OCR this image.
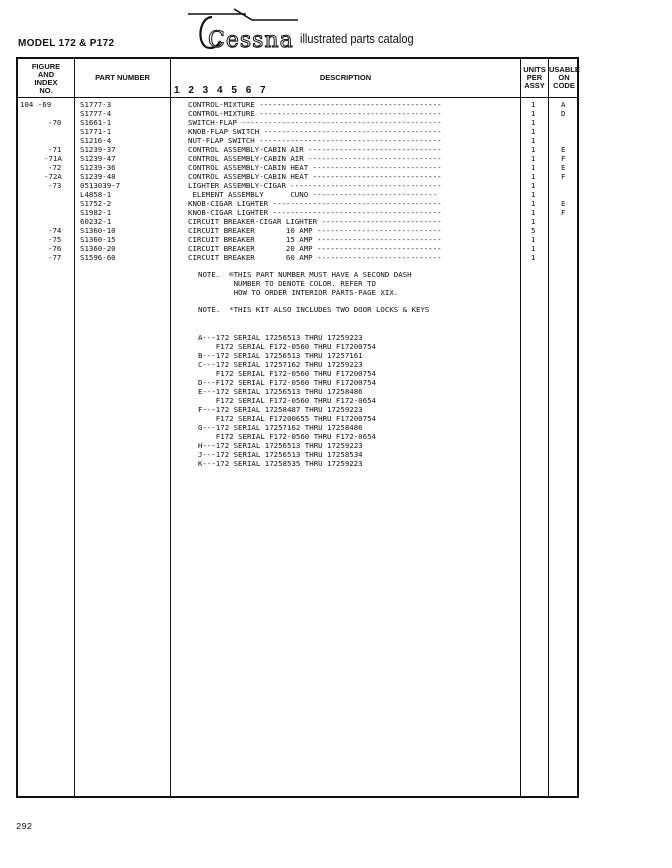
MODEL 172 & P172	Cessna illustrated parts catalog
FIGURE
AND
INDEX
NO.
PART NUMBER	DESCRIPTION
UNITS
PER
ASSY
USABLE
ON
CODE

104 -69	S1777-3	CONTROL-MIXTURE -----------------------------------------	1	A

S1777-4	CONTROL-MIXTURE -----------------------------------------	1	D

-70	S1661-1	SWITCH-FLAP ---------------------------------------------	1

S1771-1	KNOB-FLAP SWITCH ----------------------------------------	1

S1216-4	NUT-FLAP SWITCH -----------------------------------------	1

-71	S1239-37	CONTROL ASSEMBLY-CABIN AIR ------------------------------	1	E

-71A S1239-47	CONTROL ASSEMBLY-CABIN AIR ------------------------------	1	F

-72	S1239-36	CONTROL ASSEMBLY-CABIN HEAT -----------------------------	1	E

-72A S1239-48	CONTROL ASSEMBLY-CABIN HEAT -----------------------------	1	F

-73	0513039-7	LIGHTER ASSEMBLY-CIGAR ----------------------------------	1

L4858-1	ELEMENT ASSEMBLY      CUNO ----------------------------	1

S1752-2	KNOB-CIGAR LIGHTER --------------------------------------	1	E

S1982-1	KNOB-CIGAR LIGHTER --------------------------------------	1	F

60232-1	CIRCUIT BREAKER-CIGAR LIGHTER ---------------------------	1

-74	S1360-10	CIRCUIT BREAKER       10 AMP ----------------------------	5

-75	S1360-15	CIRCUIT BREAKER       15 AMP ----------------------------	1

-76	S1360-20	CIRCUIT BREAKER       20 AMP ----------------------------	1

-77	S1596-60	CIRCUIT BREAKER       60 AMP ----------------------------	1

NOTE.  ®THIS PART NUMBER MUST HAVE A SECOND DASH
NUMBER TO DENOTE COLOR. REFER TO
HOW TO ORDER INTERIOR PARTS-PAGE XIX.

NOTE.  *THIS KIT ALSO INCLUDES TWO DOOR LOCKS & KEYS

A---172 SERIAL 17256513 THRU 17259223
F172 SERIAL F172-0560 THRU F17200754
B---172 SERIAL 17256513 THRU 17257161
C---172 SERIAL 17257162 THRU 17259223
F172 SERIAL F172-0560 THRU F17200754
D---F172 SERIAL F172-0560 THRU F17200754
E---172 SERIAL 17256513 THRU 17258486
F172 SERIAL F172-0560 THRU F172-0654
F---172 SERIAL 17258487 THRU 17259223
F172 SERIAL F17200655 THRU F17200754
G---172 SERIAL 17257162 THRU 17258486
F172 SERIAL F172-0560 THRU F172-0654
H---172 SERIAL 17256513 THRU 17259223
J---172 SERIAL 17256513 THRU 17258534
K---172 SERIAL 17258535 THRU 17259223

1 2 3 4 5 6 7
292
